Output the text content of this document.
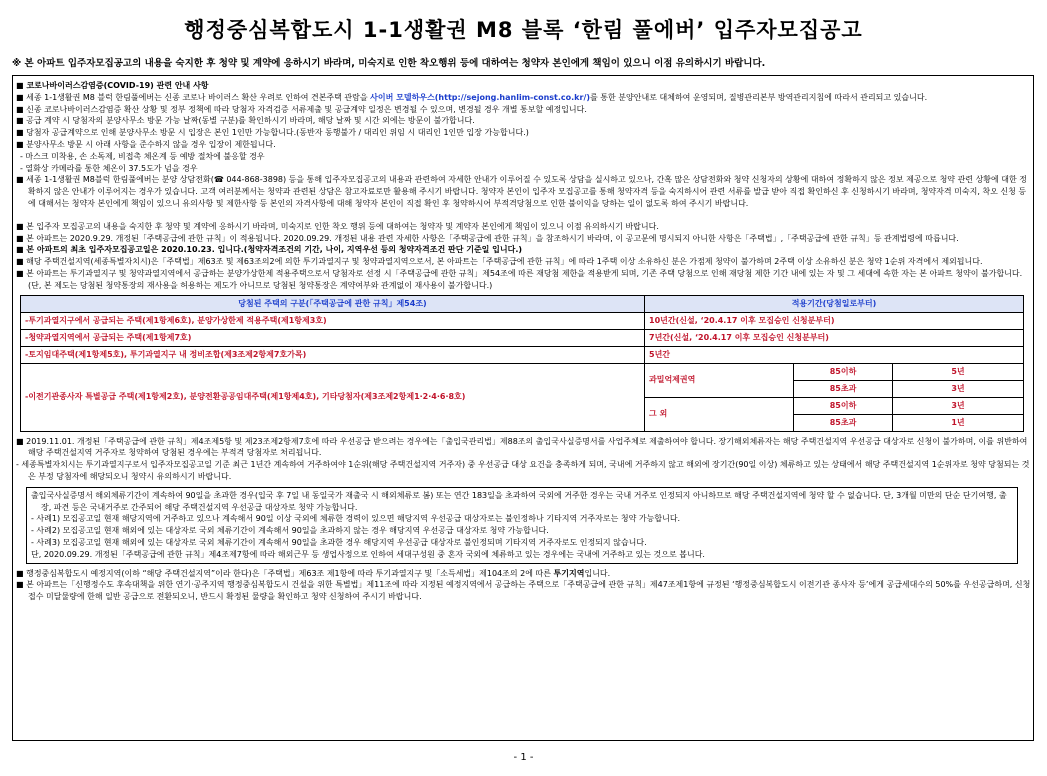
행정중심복합도시 1-1생활권 M8 블록 ‘한림 풀에버’ 입주자모집공고
※ 본 아파트 입주자모집공고의 내용을 숙지한 후 청약 및 계약에 응하시기 바라며, 미숙지로 인한 착오행위 등에 대하여는 청약자 본인에게 책임이 있으니 이점 유의하시기 바랍니다.
■ 코로나바이러스감염증(COVID-19) 관련 안내 사항
■ 세종 1-1생활권 M8 블럭 한림풀에버는 신종 코로나 바이러스 확산 우려로 인하여 견본주택 관람을 사이버 모델하우스(http://sejong.hanlim-const.co.kr/)를 통한 분양안내로 대체하여 운영되며, 질병관리본부 방역관리지침에 따라서 관리되고 있습니다.
■ 신종 코로나바이러스감염증 확산 상황 및 정부 정책에 따라 당첨자 자격검증 서류제출 및 공급계약 일정은 변경될 수 있으며, 변경될 경우 개별 통보할 예정입니다.
■ 공급 계약 시 당첨자의 분양사무소 방문 가능 날짜(동별 구분)를 확인하시기 바라며, 해당 날짜 및 시간 외에는 방문이 불가합니다.
■ 당첨자 공급계약으로 인해 분양사무소 방문 시 입장은 본인 1인만 가능합니다.(동반자 동행불가 / 대리인 위임 시 대리인 1인만 입장 가능합니다.)
■ 분양사무소 방문 시 아래 사항을 준수하지 않을 경우 입장이 제한됩니다.
- 마스크 미착용, 손 소독제, 비접촉 체온계 등 예방 절차에 불응할 경우
- 열화상 카메라를 통한 체온이 37.5도가 넘을 경우
■ 세종 1-1생활권 M8블럭 한림풀에버는 분양 상담전화(☎ 044-868-3898) 등을 통해 입주자모집공고의 내용과 관련하여 자세한 안내가 이루어질 수 있도록 상담을 실시하고 있으나, 간혹 많은 상담전화와 청약 신청자의 상황에 대하여 정확하지 않은 정보 제공으로 청약 관련 상황에 대한 정확하지 않은 안내가 이루어지는 경우가 있습니다. 고객 여러분께서는 청약과 관련된 상담은 참고자료로만 활용해 주시기 바랍니다. 청약자 본인이 입주자 모집공고를 통해 청약자격 등을 숙지하시어 관련 서류를 발급 받아 직접 확인하신 후 신청하시기 바라며, 청약자격 미숙지, 착오 신청 등에 대해서는 청약자 본인에게 책임이 있으니 유의사항 및 제한사항 등 본인의 자격사항에 대해 청약자 본인이 직접 확인 후 청약하시어 부적격당첨으로 인한 불이익을 당하는 일이 없도록 하여 주시기 바랍니다.
■ 본 입주자 모집공고의 내용을 숙지한 후 청약 및 계약에 응하시기 바라며, 미숙지로 인한 착오 행위 등에 대하여는 청약자 및 계약자 본인에게 책임이 있으니 이점 유의하시기 바랍니다.
■ 본 아파트는 2020.9.29. 개정된「주택공급에 관한 규칙」이 적용됩니다. 2020.09.29. 개정된 내용 관련 자세한 사항은「주택공급에 관한 규칙」을 참조하시기 바라며, 이 공고문에 명시되지 아니한 사항은「주택법」,「주택공급에 관한 규칙」등 관계법령에 따릅니다.
■ 본 아파트의 최초 입주자모집공고일은 2020.10.23. 입니다.(청약자격조건의 기간, 나이, 지역우선 등의 청약자격조건 판단 기준일 입니다.)
■ 해당 주택건설지역(세종특별자치시)은「주택법」제63조 및 제63조의2에 의한 투기과열지구 및 청약과열지역으로서, 본 아파트는「주택공급에 관한 규칙」에 따라 1주택 이상 소유하신 분은 가점제 청약이 불가하며 2주택 이상 소유하신 분은 청약 1순위 자격에서 제외됩니다.
■ 본 아파트는 투기과열지구 및 청약과열지역에서 공급하는 분양가상한제 적용주택으로서 당첨자로 선정 시「주택공급에 관한 규칙」제54조에 따른 재당첨 제한을 적용받게 되며, 기존 주택 당첨으로 인해 재당첨 제한 기간 내에 있는 자 및 그 세대에 속한 자는 본 아파트 청약이 불가합니다. (단, 본 제도는 당첨된 청약통장의 재사용을 허용하는 제도가 아니므로 당첨된 청약통장은 계약여부와 관계없이 재사용이 불가합니다.)
당첨된 주택의 구분(「주택공급에 관한 규칙」제54조)	적용기간(당첨일로부터)		
-투기과열지구에서 공급되는 주택(제1항제6호), 분양가상한제 적용주택(제1항제3호)	10년간(신설, ‘20.4.17 이후 모집승인 신청분부터)		
-청약과열지역에서 공급되는 주택(제1항제7호)	7년간(신설, ‘20.4.17 이후 모집승인 신청분부터)		
-토지임대주택(제1항제5호), 투기과열지구 내 정비조합(제3조제2항제7호가목)	5년간		
-이전기관종사자 특별공급 주택(제1항제2호), 분양전환공공임대주택(제1항제4호), 기타당첨자(제3조제2항제1·2·4·6·8호)	과밀억제권역	85이하	5년
		85초과	3년
	그 외	85이하	3년
		85초과	1년
■ 2019.11.01. 개정된「주택공급에 관한 규칙」제4조제5항 및 제23조제2항제7호에 따라 우선공급 받으려는 경우에는「출입국관리법」제88조의 출입국사실증명서를 사업주체로 제출하여야 합니다. 장기해외체류자는 해당 주택건설지역 우선공급 대상자로 신청이 불가하며, 이를 위반하여 해당 주택건설지역 거주자로 청약하여 당첨된 경우에는 부적격 당첨자로 처리됩니다.
- 세종특별자치시는 투기과열지구로서 입주자모집공고일 기준 최근 1년간 계속하여 거주하여야 1순위(해당 주택건설지역 거주자) 중 우선공급 대상 요건을 충족하게 되며, 국내에 거주하지 않고 해외에 장기간(90일 이상) 체류하고 있는 상태에서 해당 주택건설지역 1순위자로 청약 당첨되는 것은 부정 당첨자에 해당되오니 청약시 유의하시기 바랍니다.
출입국사실증명서 해외체류기간이 계속하여 90일을 초과한 경우(입국 후 7일 내 동일국가 재출국 시 해외체류로 봄) 또는 연간 183일을 초과하여 국외에 거주한 경우는 국내 거주로 인정되지 아니하므로 해당 주택건설지역에 청약 할 수 없습니다. 단, 3개월 미만의 단순 단기여행, 출장, 파견 등은 국내거주로 간주되어 해당 주택건설지역 우선공급 대상자로 청약 가능합니다.
- 사례1) 모집공고일 현재 해당지역에 거주하고 있으나 계속해서 90일 이상 국외에 체류한 경력이 있으면 해당지역 우선공급 대상자로는 불인정하나 기타지역 거주자로는 청약 가능합니다.
- 사례2) 모집공고일 현재 해외에 있는 대상자로 국외 체류기간이 계속해서 90일을 초과하지 않는 경우 해당지역 우선공급 대상자로 청약 가능합니다.
- 사례3) 모집공고일 현재 해외에 있는 대상자로 국외 체류기간이 계속해서 90일을 초과한 경우 해당지역 우선공급 대상자로 불인정되며 기타지역 거주자로도 인정되지 않습니다.
단, 2020.09.29. 개정된「주택공급에 관한 규칙」제4조제7항에 따라 해외근무 등 생업사정으로 인하여 세대구성원 중 혼자 국외에 체류하고 있는 경우에는 국내에 거주하고 있는 것으로 봅니다.
■ 행정중심복합도시 예정지역(이하 “해당 주택건설지역”이라 한다)은「주택법」제63조 제1항에 따라 투기과열지구 및「소득세법」제104조의 2에 따른 투기지역입니다.
■ 본 아파트는「신행정수도 후속대책을 위한 연기·공주지역 행정중심복합도시 건설을 위한 특별법」제11조에 따라 지정된 예정지역에서 공급하는 주택으로「주택공급에 관한 규칙」제47조제1항에 규정된 ‘행정중심복합도시 이전기관 종사자 등’에게 공급세대수의 50%를 우선공급하며, 신청접수 미달물량에 한해 일반 공급으로 전환되오니, 반드시 확정된 물량을 확인하고 청약 신청하여 주시기 바랍니다.
- 1 -
